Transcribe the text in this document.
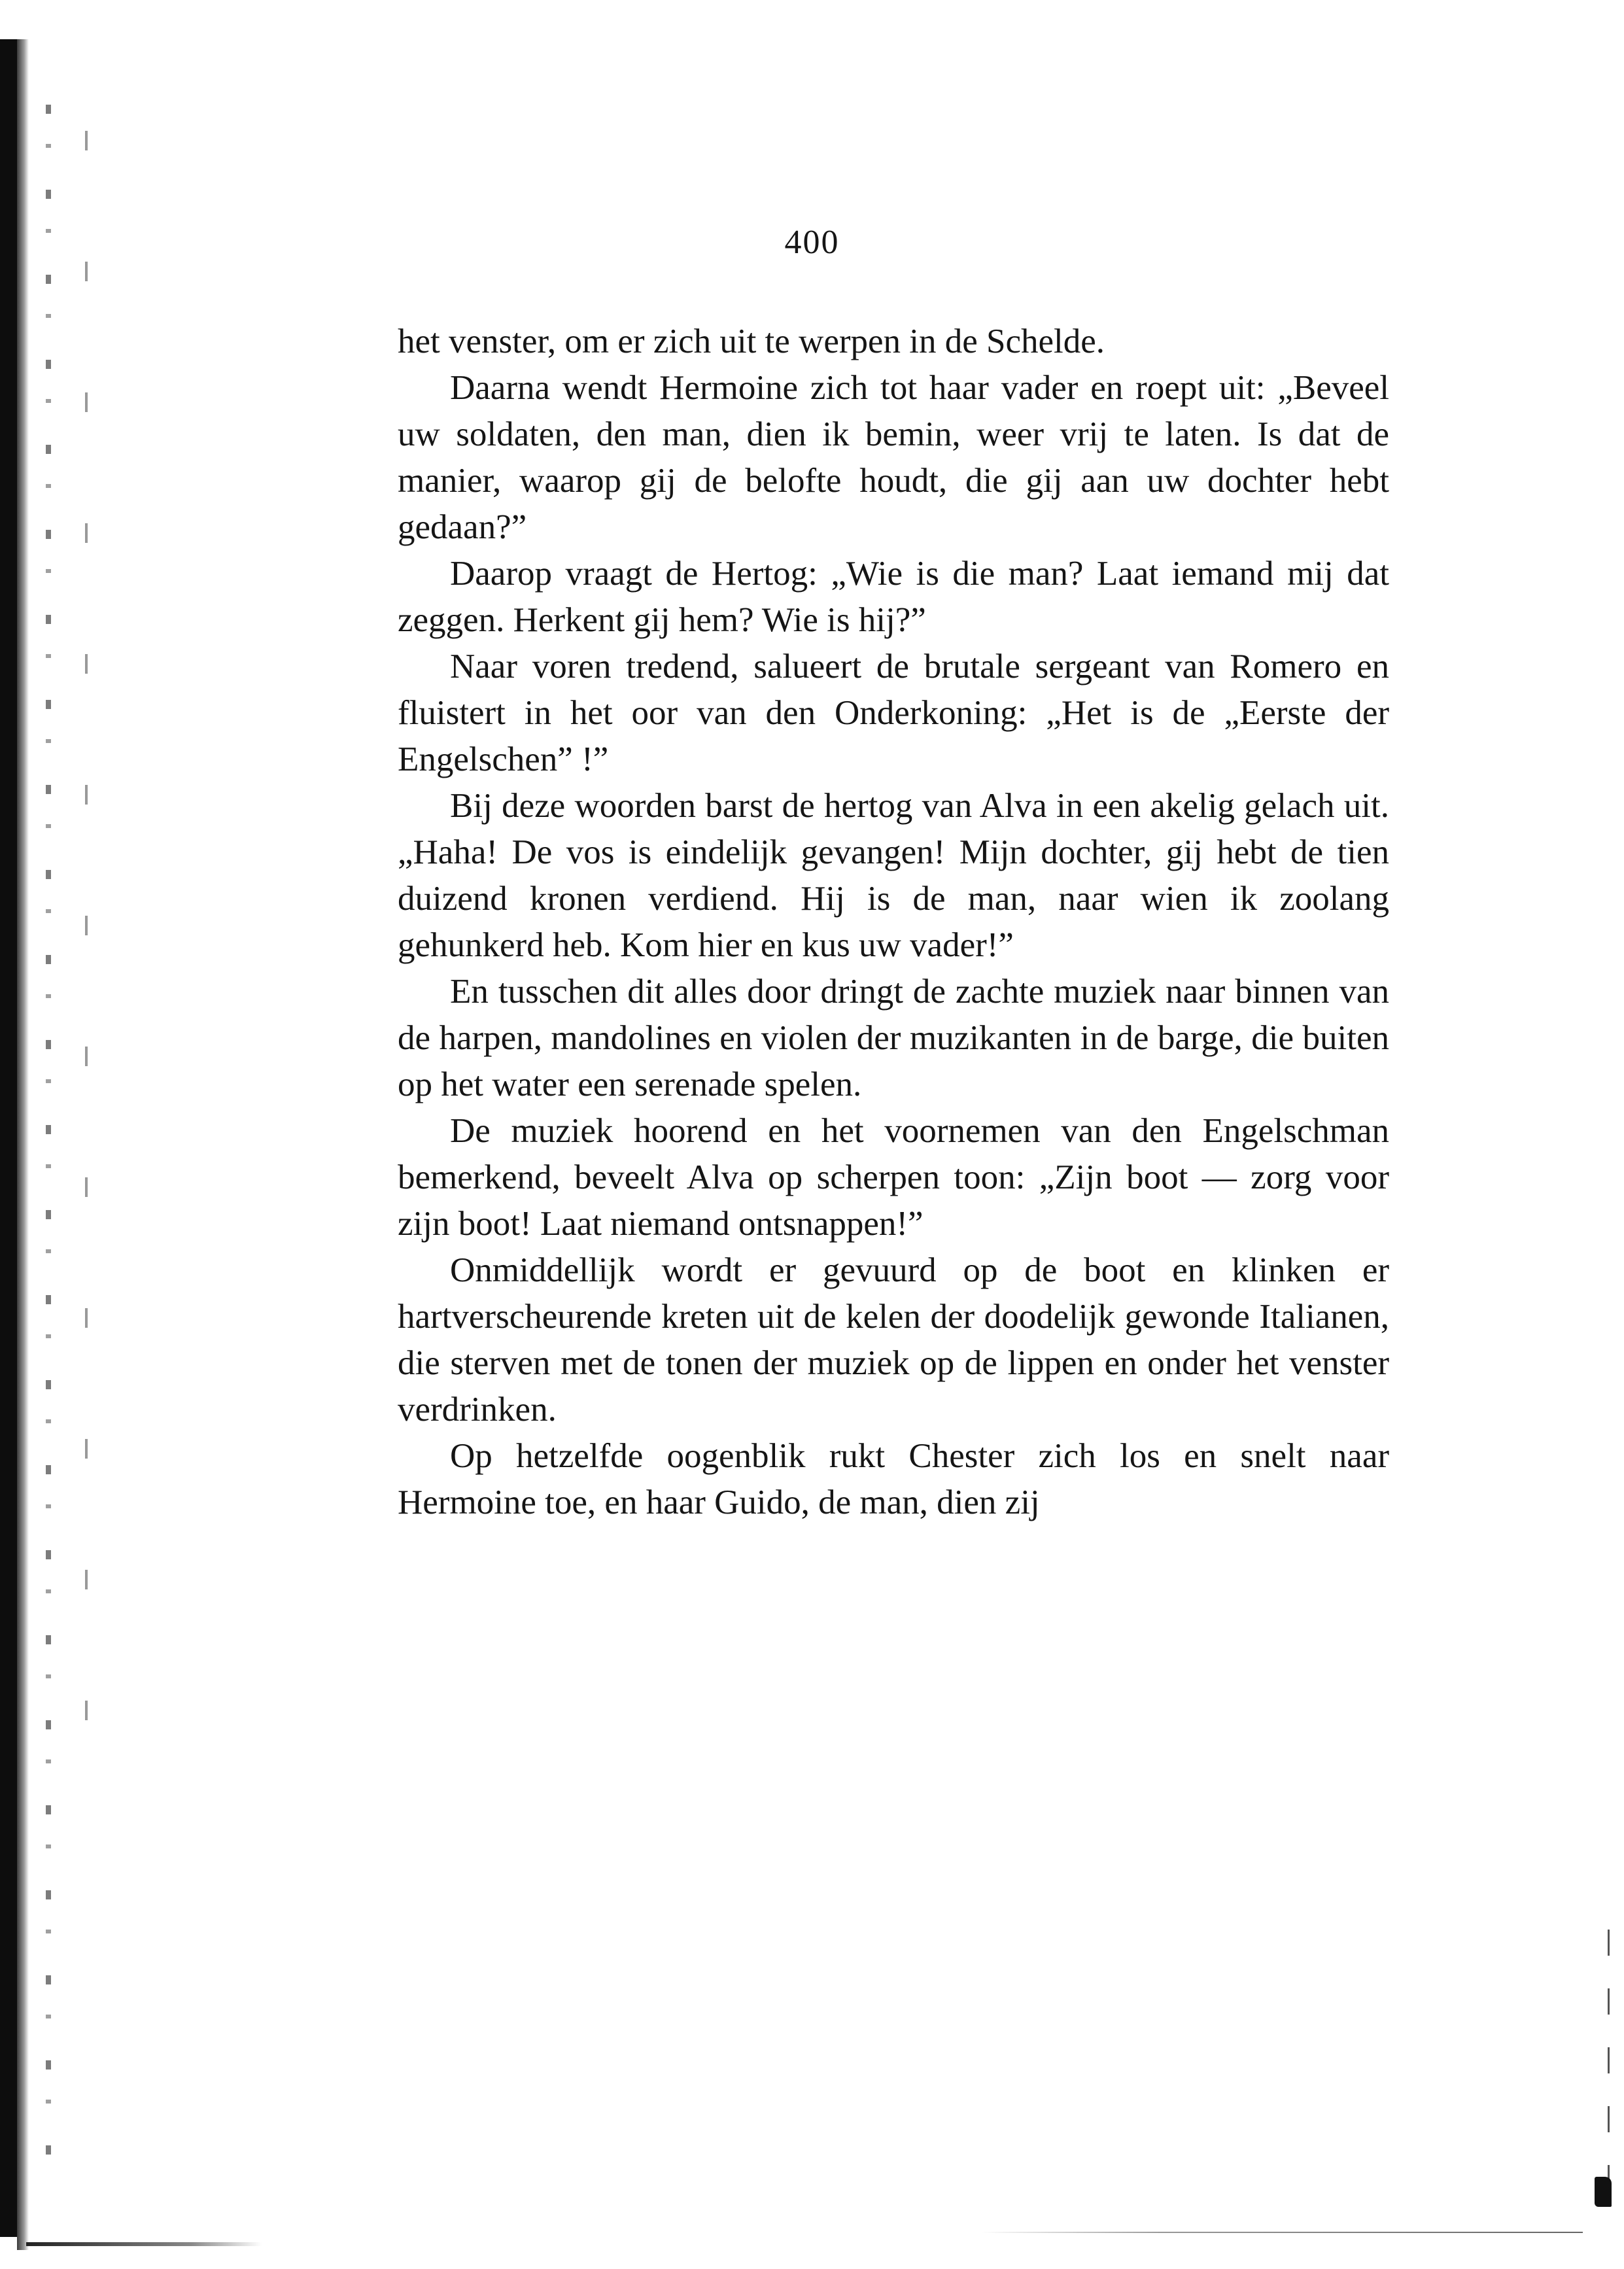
400

het venster, om er zich uit te werpen in de Schelde.

Daarna wendt Hermoine zich tot haar vader en roept uit: „Beveel uw soldaten, den man, dien ik bemin, weer vrij te laten. Is dat de manier, waarop gij de belofte houdt, die gij aan uw dochter hebt gedaan?”

Daarop vraagt de Hertog: „Wie is die man? Laat iemand mij dat zeggen. Herkent gij hem? Wie is hij?”

Naar voren tredend, salueert de brutale sergeant van Romero en fluistert in het oor van den Onderkoning: „Het is de „Eerste der Engelschen” !”

Bij deze woorden barst de hertog van Alva in een akelig gelach uit. „Haha! De vos is eindelijk gevangen! Mijn dochter, gij hebt de tien duizend kronen verdiend. Hij is de man, naar wien ik zoolang gehunkerd heb. Kom hier en kus uw vader!”

En tusschen dit alles door dringt de zachte muziek naar binnen van de harpen, mandolines en violen der muzikanten in de barge, die buiten op het water een serenade spelen.

De muziek hoorend en het voornemen van den Engelschman bemerkend, beveelt Alva op scherpen toon: „Zijn boot — zorg voor zijn boot! Laat niemand ontsnappen!”

Onmiddellijk wordt er gevuurd op de boot en klinken er hartverscheurende kreten uit de kelen der doodelijk gewonde Italianen, die sterven met de tonen der muziek op de lippen en onder het venster verdrinken.

Op hetzelfde oogenblik rukt Chester zich los en snelt naar Hermoine toe, en haar Guido, de man, dien zij
